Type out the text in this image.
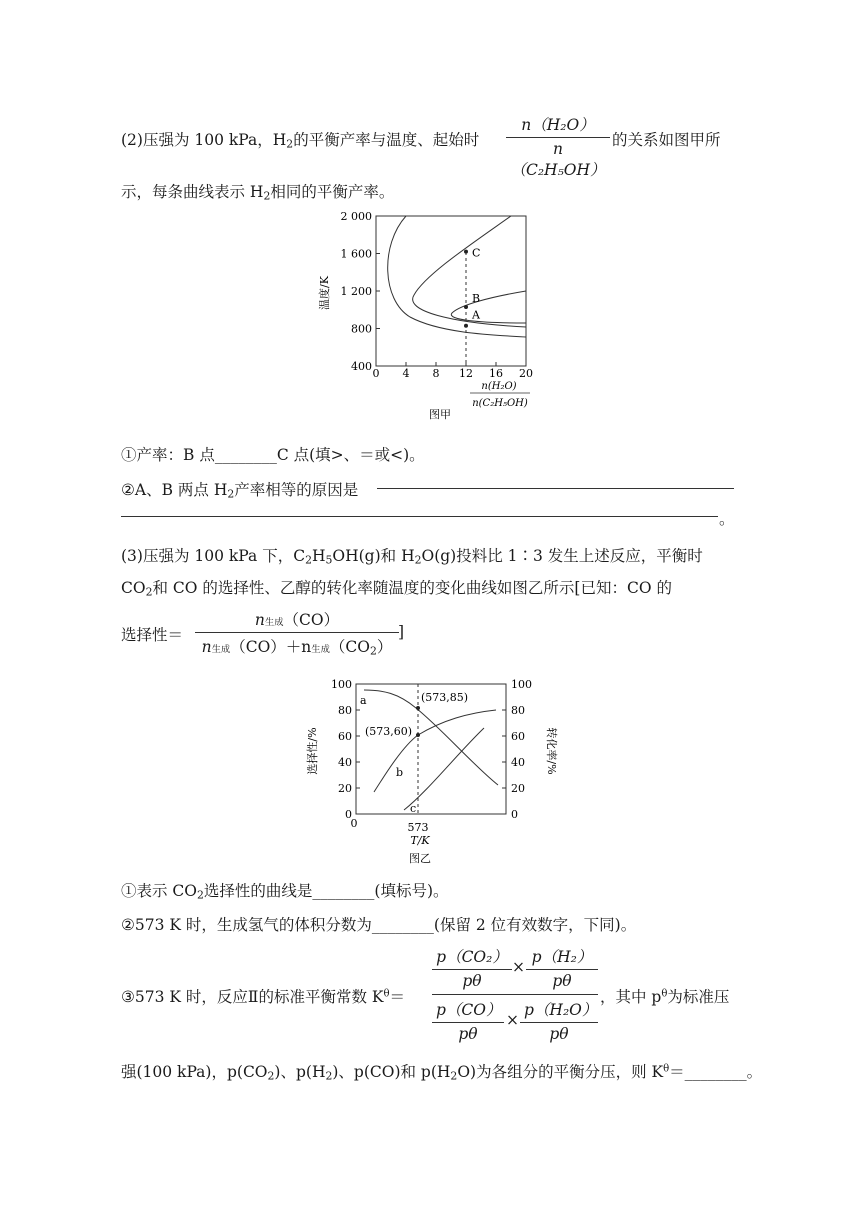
(2)压强为 100 kPa，$H_2$的平衡产率与温度、起始时 $\frac{\text{n（H₂O）}}{\text{n（C₂H₅OH）}}$ 的关系如图甲所
示，每条曲线表示 $H_2$相同的平衡产率。
400
800
1 200
1 600
2 000
0 4 8 12 16 20
C
B
A
温度/K
n(H₂O)
n(C₂H₅OH)
图甲
①产率：B 点________C 点(填>、＝或<)。
②A、B 两点 $H_2$产率相等的原因是
。
(3)压强为 100 kPa 下，$C_2H_5OH(g)$和 $H_2O(g)$投料比 1∶3 发生上述反应，平衡时
$CO_2$和 CO 的选择性、乙醇的转化率随温度的变化曲线如图乙所示[已知：CO 的
选择性＝
n生成（CO）
n生成（CO）＋n生成$(CO_2)$
]
0	0
20	20
40	40
60	60
80	80
100	100
(573,85)
(573,60)
a
b
c
0	573
T/K
图乙
选择性/%	转化率/%
①表示 $CO_2$选择性的曲线是________(填标号)。
②573 K 时，生成氢气的体积分数为________(保留 2 位有效数字，下同)。
③573 K 时，反应Ⅱ的标准平衡常数 $K^\theta=$
$\frac{\text{p（CO₂）}}{p\theta} \times \frac{\text{p（H₂）}}{p\theta}$
$\frac{p(CO)}{p\theta} \times \frac{\text{p（H₂O）}}{p\theta}$
，其中 $p^\theta$为标准压
强(100 kPa)，$p(CO_2)$、$p(H_2)$、p(CO)和 $p(H_2O)$为各组分的平衡分压，则 $K^\theta=\_\_\_\_\_\_\_\_$。
